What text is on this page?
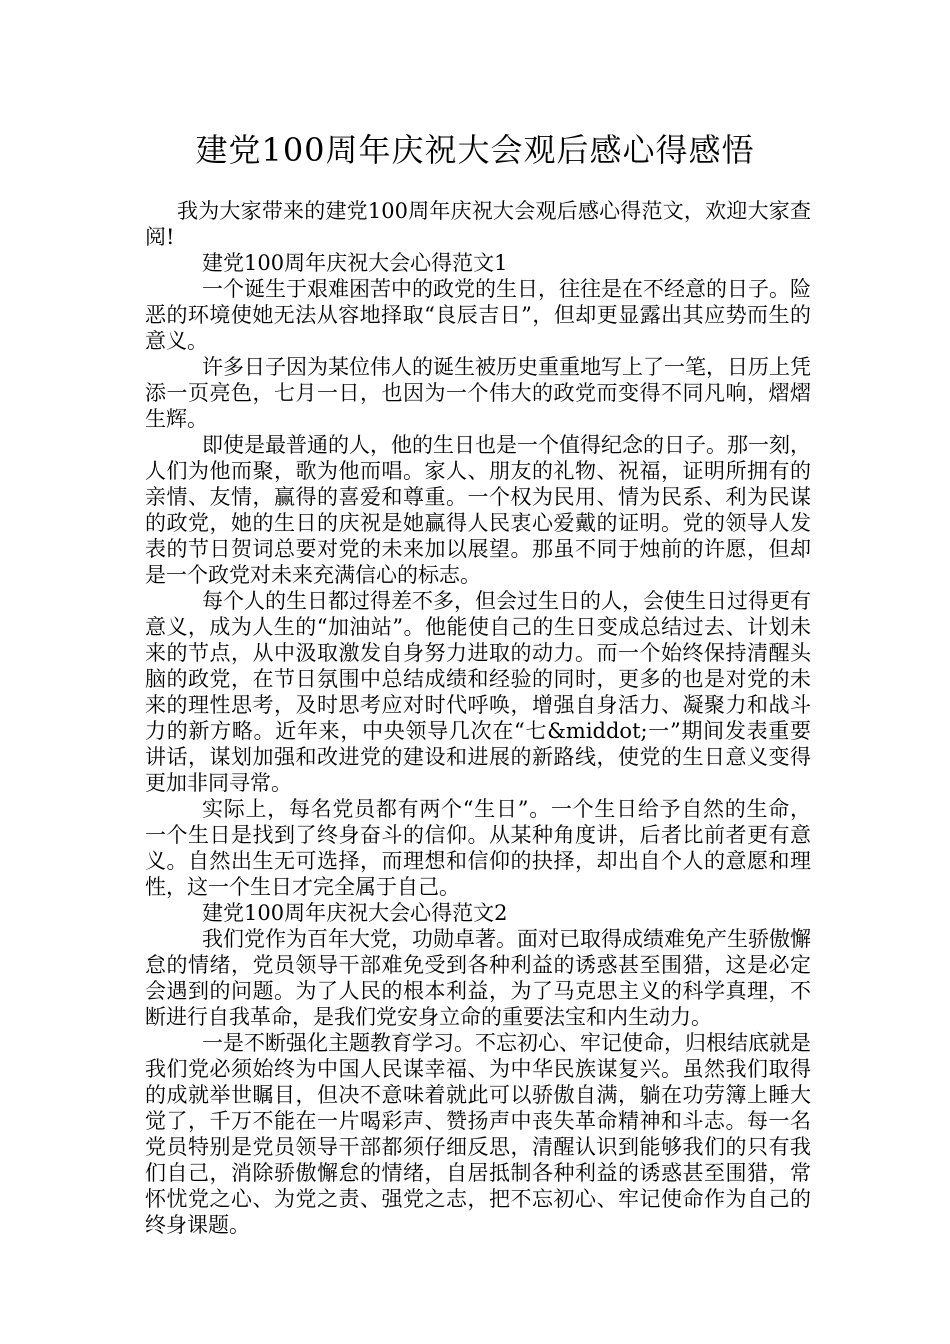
建党100周年庆祝大会观后感心得感悟

我为大家带来的建党100周年庆祝大会观后感心得范文，欢迎大家查阅!

建党100周年庆祝大会心得范文1

一个诞生于艰难困苦中的政党的生日，往往是在不经意的日子。险恶的环境使她无法从容地择取“良辰吉日”，但却更显露出其应势而生的意义。

许多日子因为某位伟人的诞生被历史重重地写上了一笔，日历上凭添一页亮色，七月一日，也因为一个伟大的政党而变得不同凡响，熠熠生辉。

即使是最普通的人，他的生日也是一个值得纪念的日子。那一刻，人们为他而聚，歌为他而唱。家人、朋友的礼物、祝福，证明所拥有的亲情、友情，赢得的喜爱和尊重。一个权为民用、情为民系、利为民谋的政党，她的生日的庆祝是她赢得人民衷心爱戴的证明。党的领导人发表的节日贺词总要对党的未来加以展望。那虽不同于烛前的许愿，但却是一个政党对未来充满信心的标志。

每个人的生日都过得差不多，但会过生日的人，会使生日过得更有意义，成为人生的“加油站”。他能使自己的生日变成总结过去、计划未来的节点，从中汲取激发自身努力进取的动力。而一个始终保持清醒头脑的政党，在节日氛围中总结成绩和经验的同时，更多的也是对党的未来的理性思考，及时思考应对时代呼唤，增强自身活力、凝聚力和战斗力的新方略。近年来，中央领导几次在“七&middot;一”期间发表重要讲话，谋划加强和改进党的建设和进展的新路线，使党的生日意义变得更加非同寻常。

实际上，每名党员都有两个“生日”。一个生日给予自然的生命，一个生日是找到了终身奋斗的信仰。从某种角度讲，后者比前者更有意义。自然出生无可选择，而理想和信仰的抉择，却出自个人的意愿和理性，这一个生日才完全属于自己。

建党100周年庆祝大会心得范文2

我们党作为百年大党，功勋卓著。面对已取得成绩难免产生骄傲懈怠的情绪，党员领导干部难免受到各种利益的诱惑甚至围猎，这是必定会遇到的问题。为了人民的根本利益，为了马克思主义的科学真理，不断进行自我革命，是我们党安身立命的重要法宝和内生动力。

一是不断强化主题教育学习。不忘初心、牢记使命，归根结底就是我们党必须始终为中国人民谋幸福、为中华民族谋复兴。虽然我们取得的成就举世瞩目，但决不意味着就此可以骄傲自满，躺在功劳簿上睡大觉了，千万不能在一片喝彩声、赞扬声中丧失革命精神和斗志。每一名党员特别是党员领导干部都须仔细反思，清醒认识到能够我们的只有我们自己，消除骄傲懈怠的情绪，自居抵制各种利益的诱惑甚至围猎，常怀忧党之心、为党之责、强党之志，把不忘初心、牢记使命作为自己的终身课题。
